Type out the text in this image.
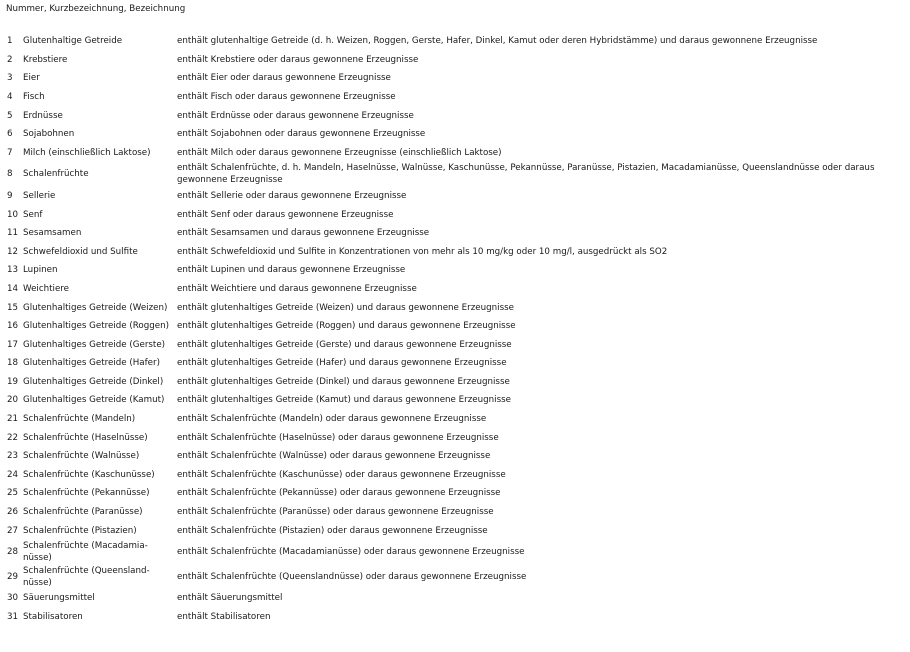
Nummer, Kurzbezeichnung, Bezeichnung
1	Glutenhaltige Getreide	enthält glutenhaltige Getreide (d. h. Weizen, Roggen, Gerste, Hafer, Dinkel, Kamut oder deren Hybridstämme) und daraus gewonnene Erzeugnisse
2	Krebstiere	enthält Krebstiere oder daraus gewonnene Erzeugnisse
3	Eier	enthält Eier oder daraus gewonnene Erzeugnisse
4	Fisch	enthält Fisch oder daraus gewonnene Erzeugnisse
5	Erdnüsse	enthält Erdnüsse oder daraus gewonnene Erzeugnisse
6	Sojabohnen	enthält Sojabohnen oder daraus gewonnene Erzeugnisse
7	Milch (einschließlich Laktose)	enthält Milch oder daraus gewonnene Erzeugnisse (einschließlich Laktose)
8	Schalenfrüchte	enthält Schalenfrüchte, d. h. Mandeln, Haselnüsse, Walnüsse, Kaschunüsse, Pekannüsse, Paranüsse, Pistazien, Macadamianüsse, Queenslandnüsse oder daraus gewonnene Erzeugnisse
9	Sellerie	enthält Sellerie oder daraus gewonnene Erzeugnisse
10	Senf	enthält Senf oder daraus gewonnene Erzeugnisse
11	Sesamsamen	enthält Sesamsamen und daraus gewonnene Erzeugnisse
12	Schwefeldioxid und Sulfite	enthält Schwefeldioxid und Sulfite in Konzentrationen von mehr als 10 mg/kg oder 10 mg/l, ausgedrückt als SO2
13	Lupinen	enthält Lupinen und daraus gewonnene Erzeugnisse
14	Weichtiere	enthält Weichtiere und daraus gewonnene Erzeugnisse
15	Glutenhaltiges Getreide (Weizen)	enthält glutenhaltiges Getreide (Weizen) und daraus gewonnene Erzeugnisse
16	Glutenhaltiges Getreide (Roggen)	enthält glutenhaltiges Getreide (Roggen) und daraus gewonnene Erzeugnisse
17	Glutenhaltiges Getreide (Gerste)	enthält glutenhaltiges Getreide (Gerste) und daraus gewonnene Erzeugnisse
18	Glutenhaltiges Getreide (Hafer)	enthält glutenhaltiges Getreide (Hafer) und daraus gewonnene Erzeugnisse
19	Glutenhaltiges Getreide (Dinkel)	enthält glutenhaltiges Getreide (Dinkel) und daraus gewonnene Erzeugnisse
20	Glutenhaltiges Getreide (Kamut)	enthält glutenhaltiges Getreide (Kamut) und daraus gewonnene Erzeugnisse
21	Schalenfrüchte (Mandeln)	enthält Schalenfrüchte (Mandeln) oder daraus gewonnene Erzeugnisse
22	Schalenfrüchte (Haselnüsse)	enthält Schalenfrüchte (Haselnüsse) oder daraus gewonnene Erzeugnisse
23	Schalenfrüchte (Walnüsse)	enthält Schalenfrüchte (Walnüsse) oder daraus gewonnene Erzeugnisse
24	Schalenfrüchte (Kaschunüsse)	enthält Schalenfrüchte (Kaschunüsse) oder daraus gewonnene Erzeugnisse
25	Schalenfrüchte (Pekannüsse)	enthält Schalenfrüchte (Pekannüsse) oder daraus gewonnene Erzeugnisse
26	Schalenfrüchte (Paranüsse)	enthält Schalenfrüchte (Paranüsse) oder daraus gewonnene Erzeugnisse
27	Schalenfrüchte (Pistazien)	enthält Schalenfrüchte (Pistazien) oder daraus gewonnene Erzeugnisse
28	Schalenfrüchte (Macadamia-nüsse)	enthält Schalenfrüchte (Macadamianüsse) oder daraus gewonnene Erzeugnisse
29	Schalenfrüchte (Queensland-nüsse)	enthält Schalenfrüchte (Queenslandnüsse) oder daraus gewonnene Erzeugnisse
30	Säuerungsmittel	enthält Säuerungsmittel
31	Stabilisatoren	enthält Stabilisatoren
